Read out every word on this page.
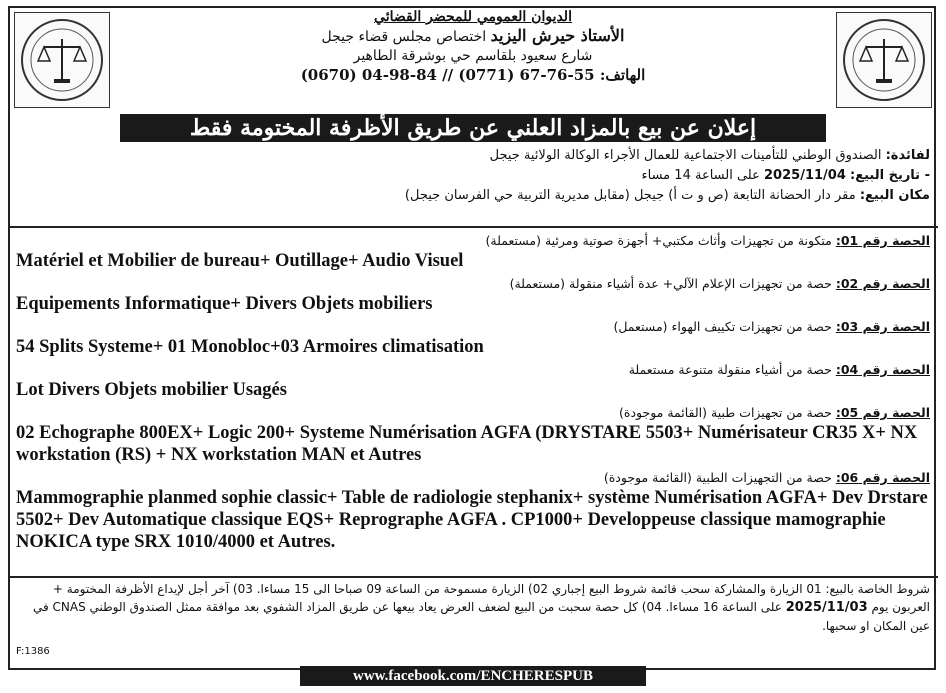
الديوان العمومي للمحضر القضائي
الأستاذ حيرش اليزيد اختصاص مجلس قضاء جيجل
شارع سعيود بلقاسم حي بوشرقة الطاهير
الهاتف: (0670) 04-98-84 // (0771) 67-76-55
إعلان عن بيع بالمزاد العلني عن طريق الأظرفة المختومة فقط
لفائدة: الصندوق الوطني للتأمينات الاجتماعية للعمال الأجراء الوكالة الولائية جيجل
- تاريخ البيع: 2025/11/04 على الساعة 14 مساء
مكان البيع: مقر دار الحضانة التابعة (ص و ت أ) جيجل (مقابل مديرية التربية حي الفرسان جيجل)
الحصة رقم 01: متكونة من تجهيزات وأثاث مكتبي+ أجهزة صوتية ومرئية (مستعملة)
Matériel et Mobilier de bureau+ Outillage+ Audio Visuel
الحصة رقم 02: حصة من تجهيزات الإعلام الآلي+ عدة أشياء منقولة (مستعملة)
Equipements Informatique+ Divers Objets mobiliers
الحصة رقم 03: حصة من تجهيزات تكييف الهواء (مستعمل)
54 Splits Systeme+ 01 Monobloc+03 Armoires climatisation
الحصة رقم 04: حصة من أشياء منقولة متنوعة مستعملة
Lot Divers Objets mobilier Usagés
الحصة رقم 05: حصة من تجهيزات طبية (القائمة موجودة)
02 Echographe 800EX+ Logic 200+ Systeme Numérisation AGFA (DRYSTARE 5503+ Numérisateur CR35 X+ NX workstation (RS) + NX workstation MAN et Autres
الحصة رقم 06: حصة من التجهيزات الطبية (القائمة موجودة)
Mammographie planmed sophie classic+ Table de radiologie stephanix+ système Numérisation AGFA+ Dev Drstare 5502+ Dev Automatique classique EQS+ Reprographe AGFA . CP1000+ Developpeuse classique mamographie NOKICA type SRX 1010/4000 et Autres.
شروط الخاصة بالبيع: 01 الزيارة والمشاركة سحب قائمة شروط البيع إجباري 02) الزيارة مسموحة من الساعة 09 صباحا الى 15 مساءا. 03) آخر أجل لإيداع الأظرفة المختومة + العربون يوم 2025/11/03 على الساعة 16 مساءا. 04) كل حصة سحبت من البيع لضعف العرض يعاد بيعها عن طريق المزاد الشفوي بعد موافقة ممثل الصندوق الوطني CNAS في عين المكان او سحبها.
F:1386
www.facebook.com/ENCHERESPUB
